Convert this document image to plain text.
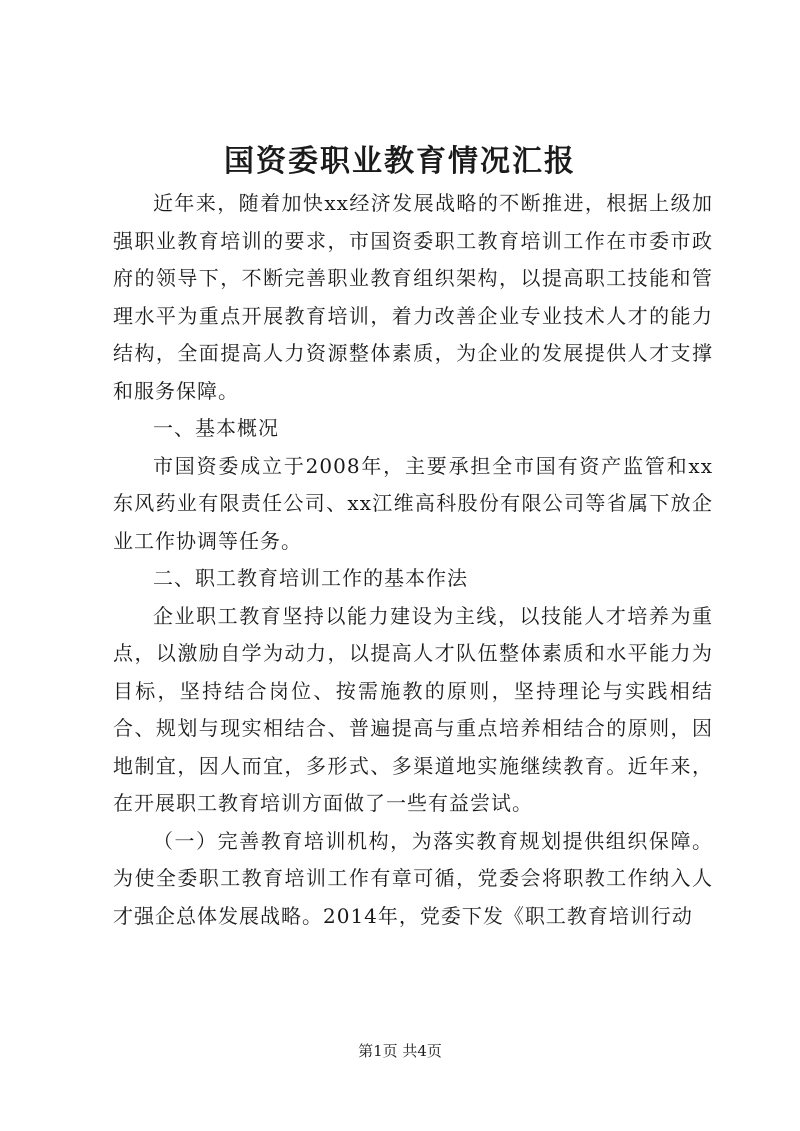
国资委职业教育情况汇报

近年来，随着加快xx经济发展战略的不断推进，根据上级加强职业教育培训的要求，市国资委职工教育培训工作在市委市政府的领导下，不断完善职业教育组织架构，以提高职工技能和管理水平为重点开展教育培训，着力改善企业专业技术人才的能力结构，全面提高人力资源整体素质，为企业的发展提供人才支撑和服务保障。

一、基本概况

市国资委成立于2008年，主要承担全市国有资产监管和xx东风药业有限责任公司、xx江维高科股份有限公司等省属下放企业工作协调等任务。

二、职工教育培训工作的基本作法

企业职工教育坚持以能力建设为主线，以技能人才培养为重点，以激励自学为动力，以提高人才队伍整体素质和水平能力为目标，坚持结合岗位、按需施教的原则，坚持理论与实践相结合、规划与现实相结合、普遍提高与重点培养相结合的原则，因地制宜，因人而宜，多形式、多渠道地实施继续教育。近年来，在开展职工教育培训方面做了一些有益尝试。

（一）完善教育培训机构，为落实教育规划提供组织保障。为使全委职工教育培训工作有章可循，党委会将职教工作纳入人才强企总体发展战略。2014年，党委下发《职工教育培训行动

第1页 共4页
